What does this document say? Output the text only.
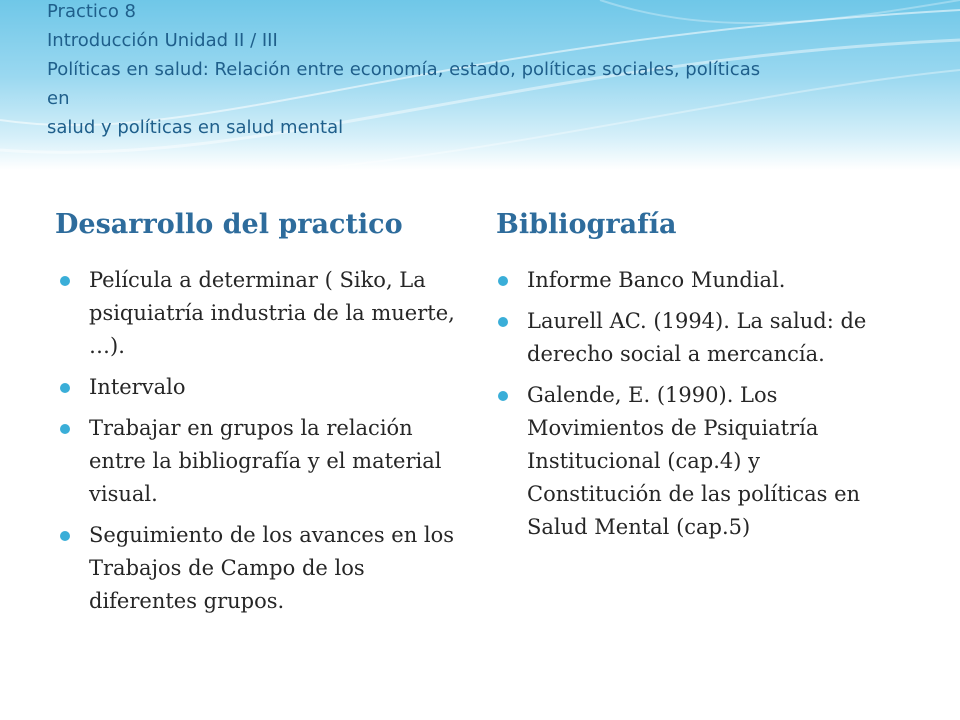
Practico 8
Introducción Unidad II / III
Políticas en salud: Relación entre economía, estado, políticas sociales, políticas
en
salud y políticas en salud mental
Desarrollo del practico	Bibliografía
Película a determinar ( Siko, La psiquiatría industria de la muerte, …).
Intervalo
Trabajar en grupos la relación entre la bibliografía y el material visual.
Seguimiento de los avances en los Trabajos de Campo de los diferentes grupos.
Informe Banco Mundial.
Laurell AC. (1994). La salud: de derecho social a mercancía.
Galende, E. (1990). Los Movimientos de Psiquiatría Institucional (cap.4) y Constitución de las políticas en Salud Mental (cap.5)
